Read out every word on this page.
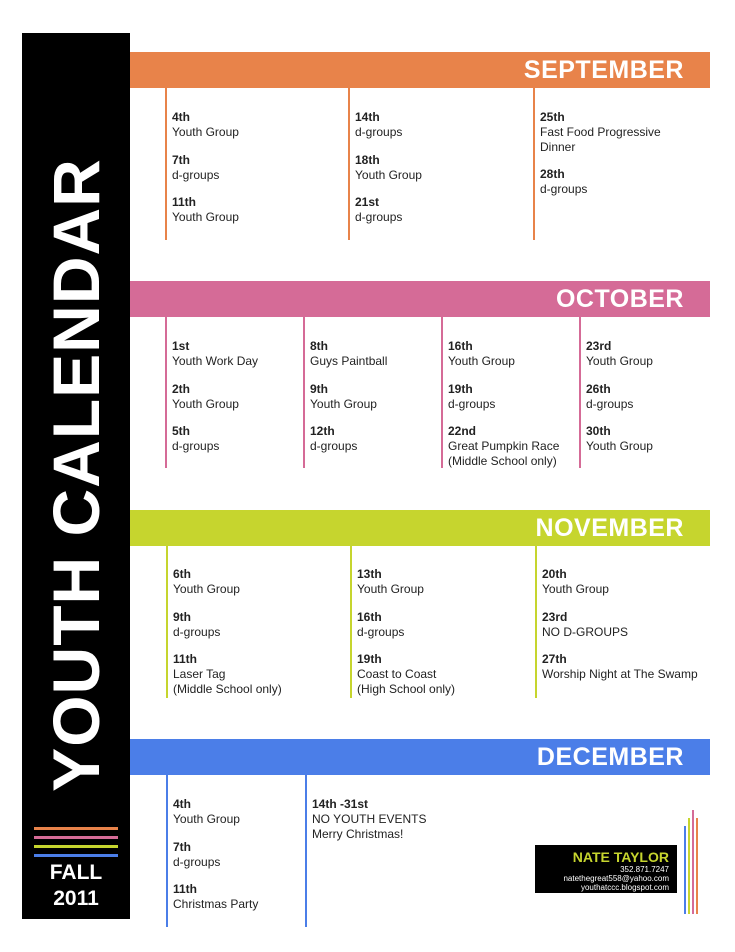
YOUTH CALENDAR
FALL
2011
SEPTEMBER
4th
Youth Group
7th
d-groups
11th
Youth Group
14th
d-groups
18th
Youth Group
21st
d-groups
25th
Fast Food Progressive Dinner
28th
d-groups
OCTOBER
1st
Youth Work Day
2th
Youth Group
5th
d-groups
8th
Guys Paintball
9th
Youth Group
12th
d-groups
16th
Youth Group
19th
d-groups
22nd
Great Pumpkin Race
(Middle School only)
23rd
Youth Group
26th
d-groups
30th
Youth Group
NOVEMBER
6th
Youth Group
9th
d-groups
11th
Laser Tag
(Middle School only)
13th
Youth Group
16th
d-groups
19th
Coast to Coast
(High School only)
20th
Youth Group
23rd
NO D-GROUPS
27th
Worship Night at The Swamp
DECEMBER
4th
Youth Group
7th
d-groups
11th
Christmas Party
14th -31st
NO YOUTH EVENTS
Merry Christmas!
NATE TAYLOR
352.871.7247
natethegreat558@yahoo.com
youthatccc.blogspot.com
